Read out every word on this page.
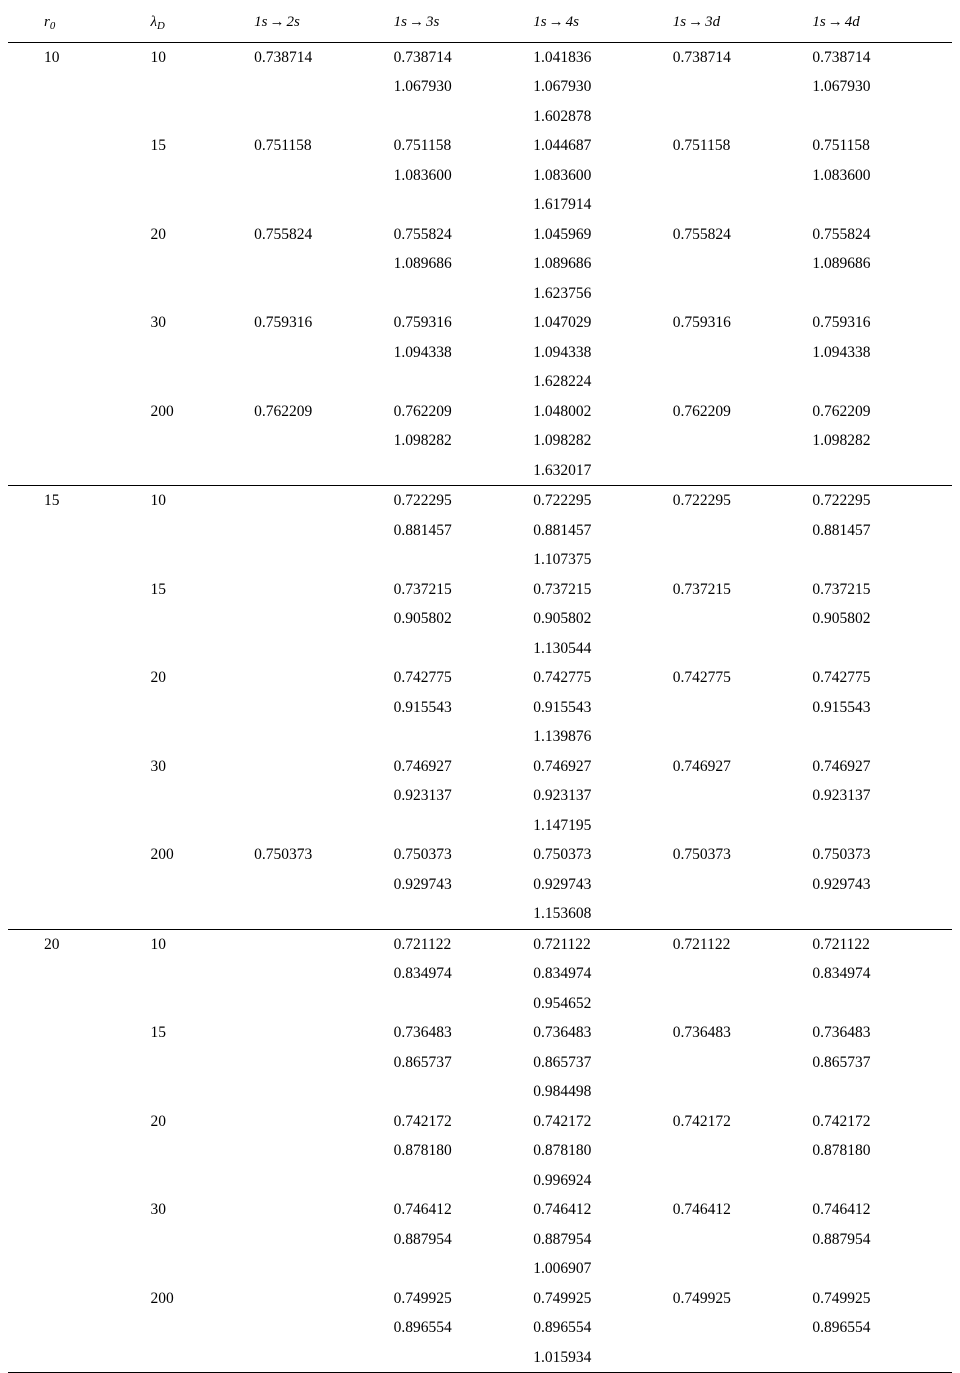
$r_0$	$\lambda_D$	1s → 2s	1s → 3s	1s → 4s	1s → 3d	1s → 4d
10	10	0.738714	0.738714	1.041836	0.738714	0.738714
			1.067930	1.067930		1.067930
				1.602878		
	15	0.751158	0.751158	1.044687	0.751158	0.751158
			1.083600	1.083600		1.083600
				1.617914		
	20	0.755824	0.755824	1.045969	0.755824	0.755824
			1.089686	1.089686		1.089686
				1.623756		
	30	0.759316	0.759316	1.047029	0.759316	0.759316
			1.094338	1.094338		1.094338
				1.628224		
	200	0.762209	0.762209	1.048002	0.762209	0.762209
			1.098282	1.098282		1.098282
				1.632017		
15	10		0.722295	0.722295	0.722295	0.722295
			0.881457	0.881457		0.881457
				1.107375		
	15		0.737215	0.737215	0.737215	0.737215
			0.905802	0.905802		0.905802
				1.130544		
	20		0.742775	0.742775	0.742775	0.742775
			0.915543	0.915543		0.915543
				1.139876		
	30		0.746927	0.746927	0.746927	0.746927
			0.923137	0.923137		0.923137
				1.147195		
	200	0.750373	0.750373	0.750373	0.750373	0.750373
			0.929743	0.929743		0.929743
				1.153608		
20	10		0.721122	0.721122	0.721122	0.721122
			0.834974	0.834974		0.834974
				0.954652		
	15		0.736483	0.736483	0.736483	0.736483
			0.865737	0.865737		0.865737
				0.984498		
	20		0.742172	0.742172	0.742172	0.742172
			0.878180	0.878180		0.878180
				0.996924		
	30		0.746412	0.746412	0.746412	0.746412
			0.887954	0.887954		0.887954
				1.006907		
	200		0.749925	0.749925	0.749925	0.749925
			0.896554	0.896554		0.896554
				1.015934		
